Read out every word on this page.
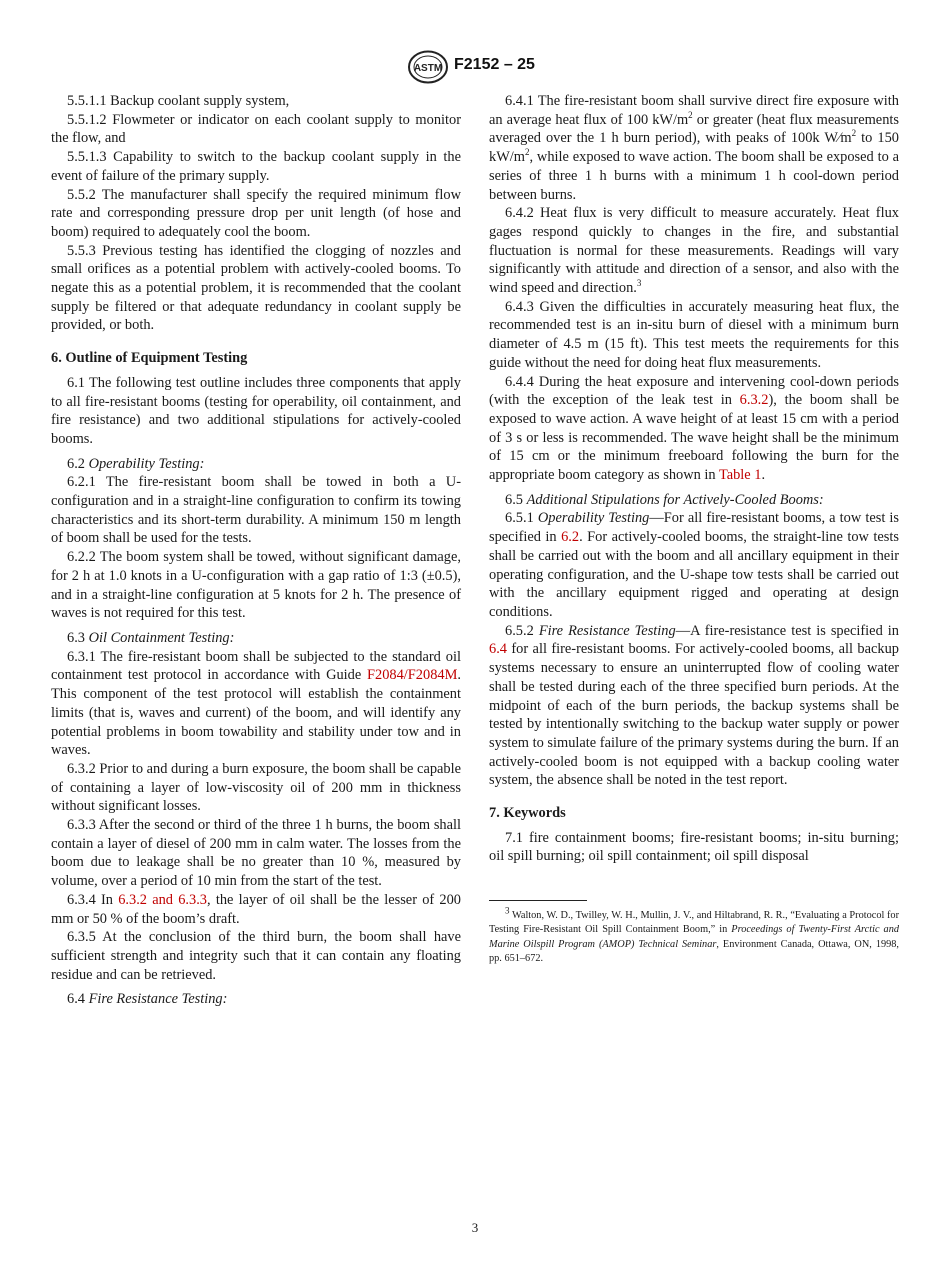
ASTM F2152 – 25

5.5.1.1 Backup coolant supply system,

5.5.1.2 Flowmeter or indicator on each coolant supply to monitor the flow, and

5.5.1.3 Capability to switch to the backup coolant supply in the event of failure of the primary supply.

5.5.2 The manufacturer shall specify the required minimum flow rate and corresponding pressure drop per unit length (of hose and boom) required to adequately cool the boom.

5.5.3 Previous testing has identified the clogging of nozzles and small orifices as a potential problem with actively-cooled booms. To negate this as a potential problem, it is recommended that the coolant supply be filtered or that adequate redundancy in coolant supply be provided, or both.

6. Outline of Equipment Testing

6.1 The following test outline includes three components that apply to all fire-resistant booms (testing for operability, oil containment, and fire resistance) and two additional stipulations for actively-cooled booms.

6.2 Operability Testing:

6.2.1 The fire-resistant boom shall be towed in both a U-configuration and in a straight-line configuration to confirm its towing characteristics and its short-term durability. A minimum 150 m length of boom shall be used for the tests.

6.2.2 The boom system shall be towed, without significant damage, for 2 h at 1.0 knots in a U-configuration with a gap ratio of 1:3 (±0.5), and in a straight-line configuration at 5 knots for 2 h. The presence of waves is not required for this test.

6.3 Oil Containment Testing:

6.3.1 The fire-resistant boom shall be subjected to the standard oil containment test protocol in accordance with Guide F2084/F2084M. This component of the test protocol will establish the containment limits (that is, waves and current) of the boom, and will identify any potential problems in boom towability and stability under tow and in waves.

6.3.2 Prior to and during a burn exposure, the boom shall be capable of containing a layer of low-viscosity oil of 200 mm in thickness without significant losses.

6.3.3 After the second or third of the three 1 h burns, the boom shall contain a layer of diesel of 200 mm in calm water. The losses from the boom due to leakage shall be no greater than 10 %, measured by volume, over a period of 10 min from the start of the test.

6.3.4 In 6.3.2 and 6.3.3, the layer of oil shall be the lesser of 200 mm or 50 % of the boom’s draft.

6.3.5 At the conclusion of the third burn, the boom shall have sufficient strength and integrity such that it can contain any floating residue and can be retrieved.

6.4 Fire Resistance Testing:

6.4.1 The fire-resistant boom shall survive direct fire exposure with an average heat flux of 100 $kW/m^2$ or greater (heat flux measurements averaged over the 1 h burn period), with peaks of 100k $W⁄m^2$ to 150 $kW/m^2$, while exposed to wave action. The boom shall be exposed to a series of three 1 h burns with a minimum 1 h cool-down period between burns.

6.4.2 Heat flux is very difficult to measure accurately. Heat flux gages respond quickly to changes in the fire, and substantial fluctuation is normal for these measurements. Readings will vary significantly with attitude and direction of a sensor, and also with the wind speed and direction.$^3$

6.4.3 Given the difficulties in accurately measuring heat flux, the recommended test is an in-situ burn of diesel with a minimum burn diameter of 4.5 m (15 ft). This test meets the requirements for this guide without the need for doing heat flux measurements.

6.4.4 During the heat exposure and intervening cool-down periods (with the exception of the leak test in 6.3.2), the boom shall be exposed to wave action. A wave height of at least 15 cm with a period of 3 s or less is recommended. The wave height shall be the minimum of 15 cm or the minimum freeboard following the burn for the appropriate boom category as shown in Table 1.

6.5 Additional Stipulations for Actively-Cooled Booms:

6.5.1 Operability Testing—For all fire-resistant booms, a tow test is specified in 6.2. For actively-cooled booms, the straight-line tow tests shall be carried out with the boom and all ancillary equipment in their operating configuration, and the U-shape tow tests shall be carried out with the ancillary equipment rigged and operating at design conditions.

6.5.2 Fire Resistance Testing—A fire-resistance test is specified in 6.4 for all fire-resistant booms. For actively-cooled booms, all backup systems necessary to ensure an uninterrupted flow of cooling water shall be tested during each of the three specified burn periods. At the midpoint of each of the burn periods, the backup systems shall be tested by intentionally switching to the backup water supply or power system to simulate failure of the primary systems during the burn. If an actively-cooled boom is not equipped with a backup cooling water system, the absence shall be noted in the test report.

7. Keywords

7.1 fire containment booms; fire-resistant booms; in-situ burning; oil spill burning; oil spill containment; oil spill disposal

$^3$ Walton, W. D., Twilley, W. H., Mullin, J. V., and Hiltabrand, R. R., “Evaluating a Protocol for Testing Fire-Resistant Oil Spill Containment Boom,” in Proceedings of Twenty-First Arctic and Marine Oilspill Program (AMOP) Technical Seminar, Environment Canada, Ottawa, ON, 1998, pp. 651–672.

3
